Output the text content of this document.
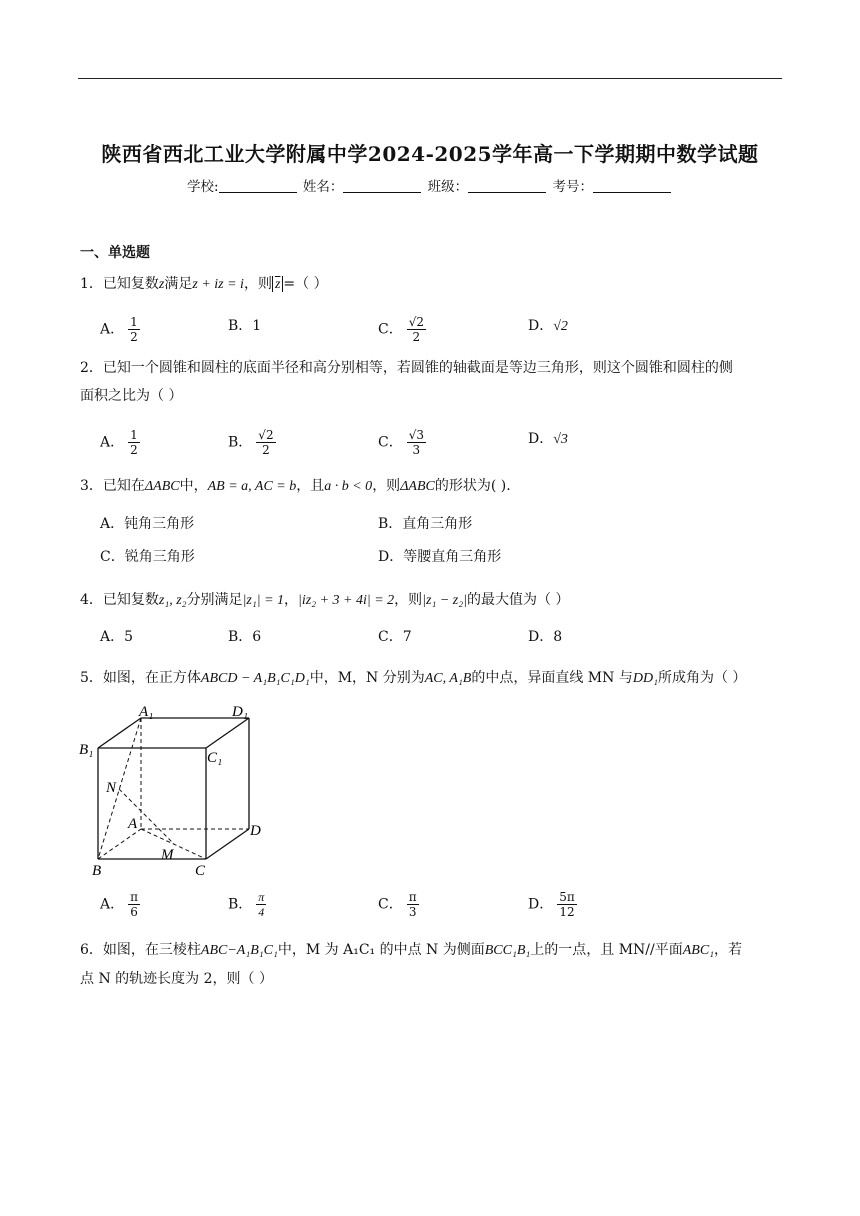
陕西省西北工业大学附属中学2024-2025学年高一下学期期中数学试题
学校:	姓名：	班级：	考号：
一、单选题
1．已知复数z满足z + iz = i，则 $\overline{z}$ =（ ）
A． $\frac{1}{2}$	B．1	C． $\frac{√2}{2}$	D．√2
2．已知一个圆锥和圆柱的底面半径和高分别相等，若圆锥的轴截面是等边三角形，则这个圆锥和圆柱的侧
面积之比为（ ）
A． $\frac{1}{2}$	B． $\frac{√2}{2}$	C． $\frac{√3}{3}$	D．√3
3．已知在ΔABC中，AB = a, AC = b，且a · b < 0，则ΔABC的形状为( ).
A．钝角三角形	B．直角三角形
C．锐角三角形	D．等腰直角三角形
4．已知复数z₁, z₂分别满足|z₁| = 1，|iz₂ + 3 + 4i| = 2，则|z₁ − z₂|的最大值为（ ）
A．5	B．6	C．7	D．8
5．如图，在正方体ABCD − A₁B₁C₁D₁中，M，N 分别为AC, A₁B的中点，异面直线 MN 与DD₁所成角为（ ）
A₁	D₁
B₁	C₁
N
A	D
M
B	C
A． $\frac{\pi}{6}$	B． $\frac{\pi}{4}$	C． $\frac{\pi}{3}$	D． $\frac{5\pi}{12}$
6．如图，在三棱柱ABC−A₁B₁C₁中，M 为 A₁C₁ 的中点 N 为侧面BCC₁B₁上的一点，且 MN//平面ABC₁，若
点 N 的轨迹长度为 2，则（ ）
